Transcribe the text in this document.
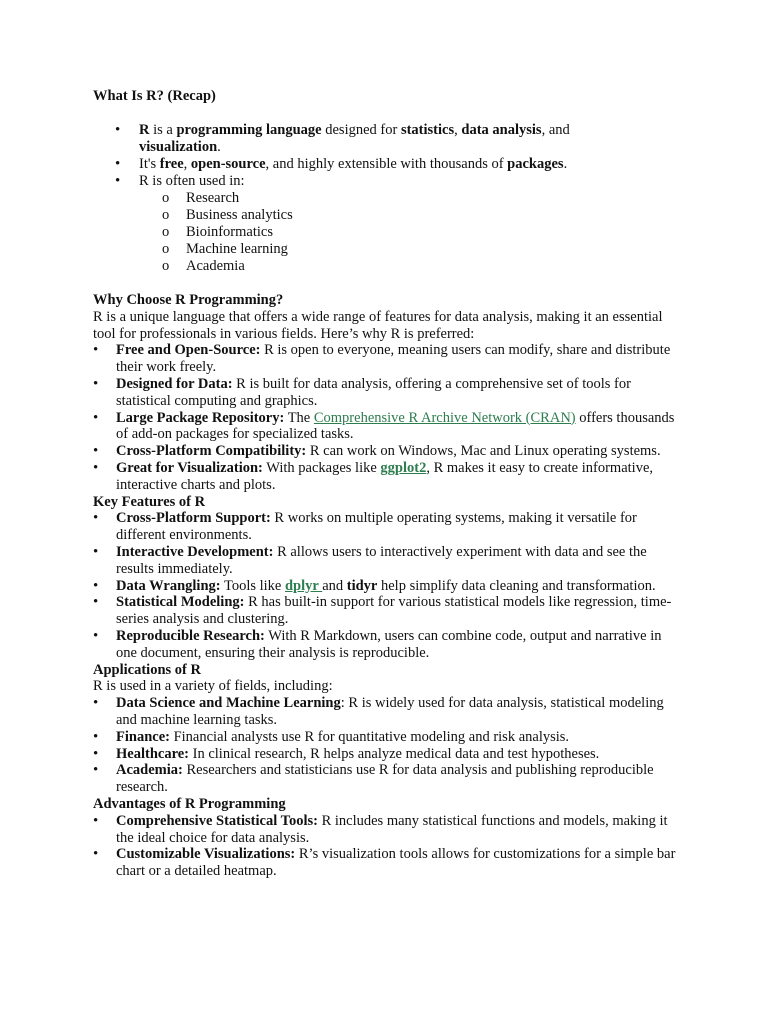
What Is R? (Recap)
• R is a programming language designed for statistics, data analysis, and visualization.
• It's free, open-source, and highly extensible with thousands of packages.
• R is often used in:
o Research
o Business analytics
o Bioinformatics
o Machine learning
o Academia
Why Choose R Programming?

R is a unique language that offers a wide range of features for data analysis, making it an essential tool for professionals in various fields. Here’s why R is preferred:

• Free and Open-Source: R is open to everyone, meaning users can modify, share and distribute their work freely.
• Designed for Data: R is built for data analysis, offering a comprehensive set of tools for statistical computing and graphics.
• Large Package Repository: The Comprehensive R Archive Network (CRAN) offers thousands of add-on packages for specialized tasks.
• Cross-Platform Compatibility: R can work on Windows, Mac and Linux operating systems.
• Great for Visualization: With packages like ggplot2, R makes it easy to create informative, interactive charts and plots.
Key Features of R
• Cross-Platform Support: R works on multiple operating systems, making it versatile for different environments.
• Interactive Development: R allows users to interactively experiment with data and see the results immediately.
• Data Wrangling: Tools like dplyr and tidyr help simplify data cleaning and transformation.
• Statistical Modeling: R has built-in support for various statistical models like regression, time-series analysis and clustering.
• Reproducible Research: With R Markdown, users can combine code, output and narrative in one document, ensuring their analysis is reproducible.
Applications of R

R is used in a variety of fields, including:

• Data Science and Machine Learning: R is widely used for data analysis, statistical modeling and machine learning tasks.
• Finance: Financial analysts use R for quantitative modeling and risk analysis.
• Healthcare: In clinical research, R helps analyze medical data and test hypotheses.
• Academia: Researchers and statisticians use R for data analysis and publishing reproducible research.
Advantages of R Programming
• Comprehensive Statistical Tools: R includes many statistical functions and models, making it the ideal choice for data analysis.
• Customizable Visualizations: R’s visualization tools allows for customizations for a simple bar chart or a detailed heatmap.
